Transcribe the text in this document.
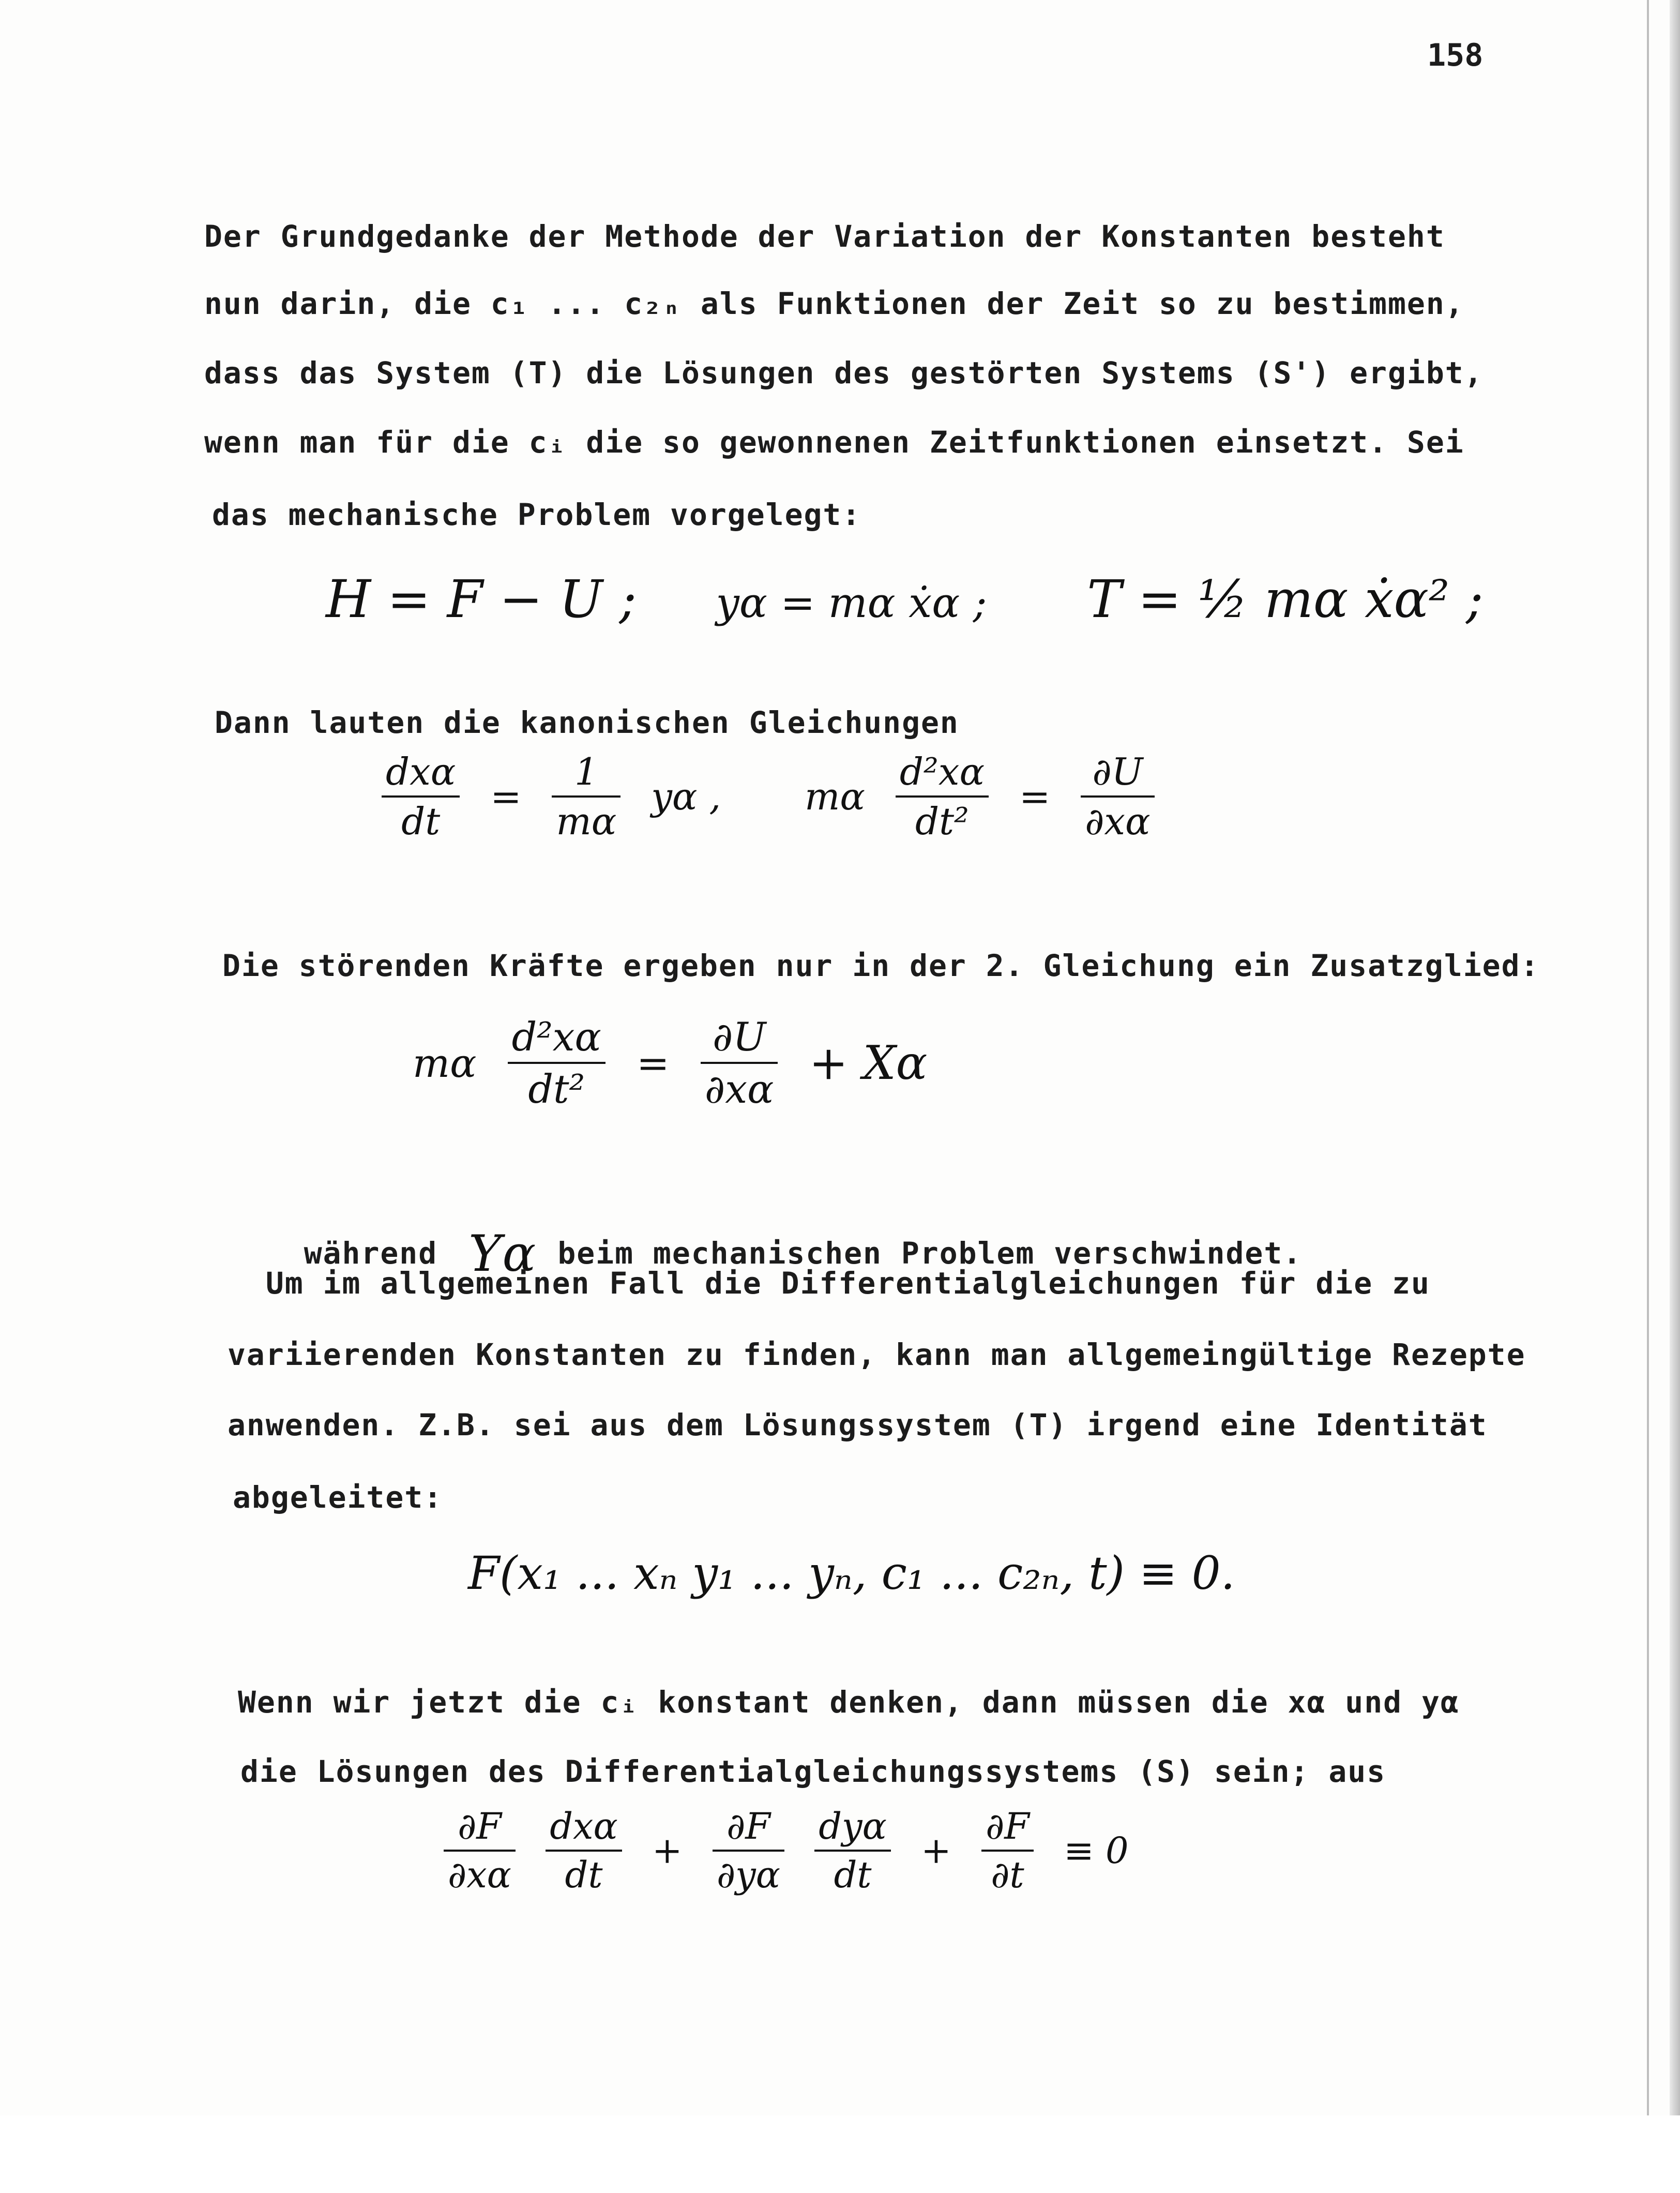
158
Der Grundgedanke der Methode der Variation der Konstanten besteht
nun darin, die c₁ ... c₂ₙ als Funktionen der Zeit so zu bestimmen,
dass das System (T) die Lösungen des gestörten Systems (S') ergibt,
wenn man für die cᵢ die so gewonnenen Zeitfunktionen einsetzt. Sei
das mechanische Problem vorgelegt:
H = F − U ; yα = mα ẋα ; T = ½ mα ẋα² ;
Dann lauten die kanonischen Gleichungen
$\frac{\text{dxα}}{dt} = \frac{1}{m\alpha}$ yα , mα $\frac{\text{d²xα}}{\text{dt²}} = \frac{\partial U}{\partial x\alpha}$
Die störenden Kräfte ergeben nur in der 2. Gleichung ein Zusatzglied:
mα $\frac{\text{d²xα}}{\text{dt²}} = \frac{\partial U}{\partial x\alpha} + X\alpha$

während Yα beim mechanischen Problem verschwindet.

Um im allgemeinen Fall die Differentialgleichungen für die zu
variierenden Konstanten zu finden, kann man allgemeingültige Rezepte
anwenden. Z.B. sei aus dem Lösungssystem (T) irgend eine Identität
abgeleitet:
F(x₁ ... xₙ y₁ ... yₙ, c₁ ... c₂ₙ, t) ≡ 0.
Wenn wir jetzt die cᵢ konstant denken, dann müssen die xα und yα
die Lösungen des Differentialgleichungssystems (S) sein; aus
$\frac{\partial F}{\partial x\alpha}$
$\frac{\text{dxα}}{dt} + \frac{\partial F}{\partial y\alpha}$
$\frac{\text{dyα}}{dt} + \frac{\partial F}{\partial t} \equiv 0$
